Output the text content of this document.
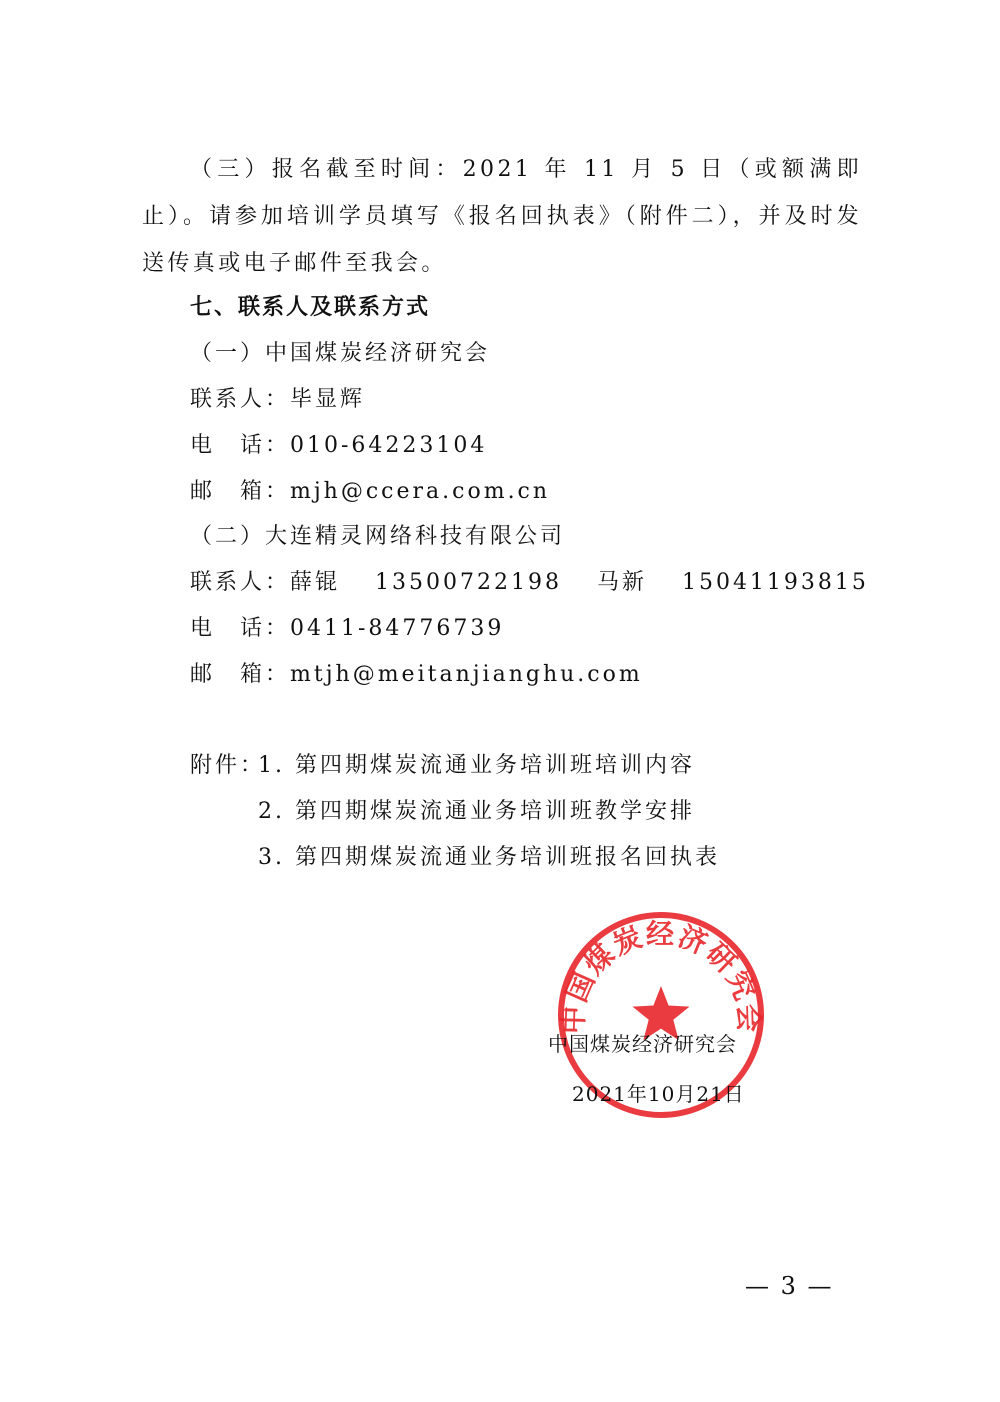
（三）报名截至时间：2021 年 11 月 5 日（或额满即止）。请参加培训学员填写《报名回执表》（附件二），并及时发送传真或电子邮件至我会。
七、联系人及联系方式
（一）中国煤炭经济研究会
联系人：毕显辉
电　话：010-64223104
邮　箱：mjh@ccera.com.cn
（二）大连精灵网络科技有限公司
联系人：薛锟　 13500722198　 马新　 15041193815
电　话：0411-84776739
邮　箱：mtjh@meitanjianghu.com
附件：
1. 第四期煤炭流通业务培训班培训内容
2. 第四期煤炭流通业务培训班教学安排
3. 第四期煤炭流通业务培训班报名回执表
中国煤炭经济研究会
中国煤炭经济研究会
2021年10月21日
— 3 —
